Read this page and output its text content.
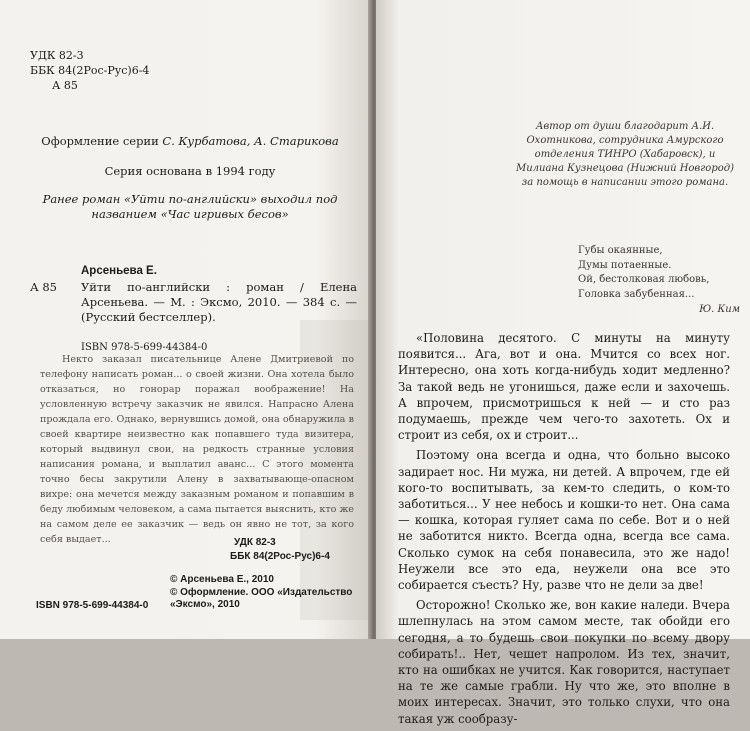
УДК 82-3
ББК 84(2Рос-Рус)6-4
А 85
Оформление серии С. Курбатова, А. Старикова
Серия основана в 1994 году
Ранее роман «Уйти по-английски» выходил под названием «Час игривых бесов»
А 85
Арсеньева Е.
Уйти по-английски : роман / Елена Арсеньева. — М. : Эксмо, 2010. — 384 с. — (Русский бестселлер).
ISBN 978-5-699-44384-0

Некто заказал писательнице Алене Дмитриевой по телефону написать роман... о своей жизни. Она хотела было отказаться, но гонорар поражал воображение! На условленную встречу заказчик не явился. Напрасно Алена прождала его. Однако, вернувшись домой, она обнаружила в своей квартире неизвестно как попавшего туда визитера, который выдвинул свои, на редкость странные условия написания романа, и выплатил аванс... С этого момента точно бесы закрутили Алену в захватывающе-опасном вихре: она мечется между заказным романом и попавшим в беду любимым человеком, а сама пытается выяснить, кто же на самом деле ее заказчик — ведь он явно не тот, за кого себя выдает...	УДК 82-3
ББК 84(2Рос-Рус)6-4
© Арсеньева Е., 2010
© Оформление. ООО «Издательство «Эксмо», 2010
ISBN 978-5-699-44384-0
Автор от души благодарит А.И. Охотникова, сотрудника Амурского отделения ТИНРО (Хабаровск), и Милиана Кузнецова (Нижний Новгород) за помощь в написании этого романа.
Губы окаянные,
Думы потаенные.
Ой, бестолковая любовь,
Головка забубенная...
Ю. Ким

«Половина десятого. С минуты на минуту появится... Ага, вот и она. Мчится со всех ног. Интересно, она хоть когда-нибудь ходит медленно? За такой ведь не угонишься, даже если и захочешь. А впрочем, присмотришься к ней — и сто раз подумаешь, прежде чем чего-то захотеть. Ох и строит из себя, ох и строит...

Поэтому она всегда и одна, что больно высоко задирает нос. Ни мужа, ни детей. А впрочем, где ей кого-то воспитывать, за кем-то следить, о ком-то заботиться... У нее небось и кошки-то нет. Она сама — кошка, которая гуляет сама по себе. Вот и о ней не заботится никто. Всегда одна, всегда все сама. Сколько сумок на себя понавесила, это же надо! Неужели все это еда, неужели она все это собирается съесть? Ну, разве что не дели за две!

Осторожно! Сколько же, вон какие наледи. Вчера шлепнулась на этом самом месте, так обойди его сегодня, а то будешь свои покупки по всему двору собирать!.. Нет, чешет напролом. Из тех, значит, кто на ошибках не учится. Как говорится, наступает на те же самые грабли. Ну что же, это вполне в моих интересах. Значит, это только слухи, что она такая уж сообразу-
